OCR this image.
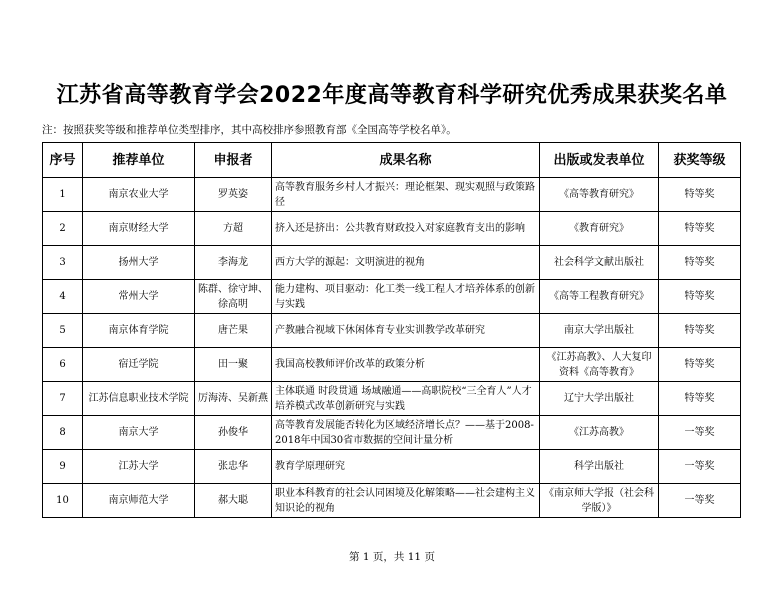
江苏省高等教育学会2022年度高等教育科学研究优秀成果获奖名单
注：按照获奖等级和推荐单位类型排序，其中高校排序参照教育部《全国高等学校名单》。
序号	推荐单位	申报者	成果名称	出版或发表单位	获奖等级
1	南京农业大学	罗英姿	高等教育服务乡村人才振兴：理论框架、现实观照与政策路径	《高等教育研究》	特等奖
2	南京财经大学	方超	挤入还是挤出：公共教育财政投入对家庭教育支出的影响	《教育研究》	特等奖
3	扬州大学	李海龙	西方大学的源起：文明演进的视角	社会科学文献出版社	特等奖
4	常州大学	陈群、徐守坤、徐高明	能力建构、项目驱动：化工类一线工程人才培养体系的创新与实践	《高等工程教育研究》	特等奖
5	南京体育学院	唐芒果	产教融合视域下休闲体育专业实训教学改革研究	南京大学出版社	特等奖
6	宿迁学院	田一聚	我国高校教师评价改革的政策分析	《江苏高教》、人大复印资料《高等教育》	特等奖
7	江苏信息职业技术学院	厉海涛、吴新燕	主体联通 时段贯通 场域融通——高职院校“三全育人”人才培养模式改革创新研究与实践	辽宁大学出版社	特等奖
8	南京大学	孙俊华	高等教育发展能否转化为区域经济增长点？——基于2008-2018年中国30省市数据的空间计量分析	《江苏高教》	一等奖
9	江苏大学	张忠华	教育学原理研究	科学出版社	一等奖
10	南京师范大学	郝大聪	职业本科教育的社会认同困境及化解策略——社会建构主义知识论的视角	《南京师大学报（社会科学版）》	一等奖
第 1 页，共 11 页
